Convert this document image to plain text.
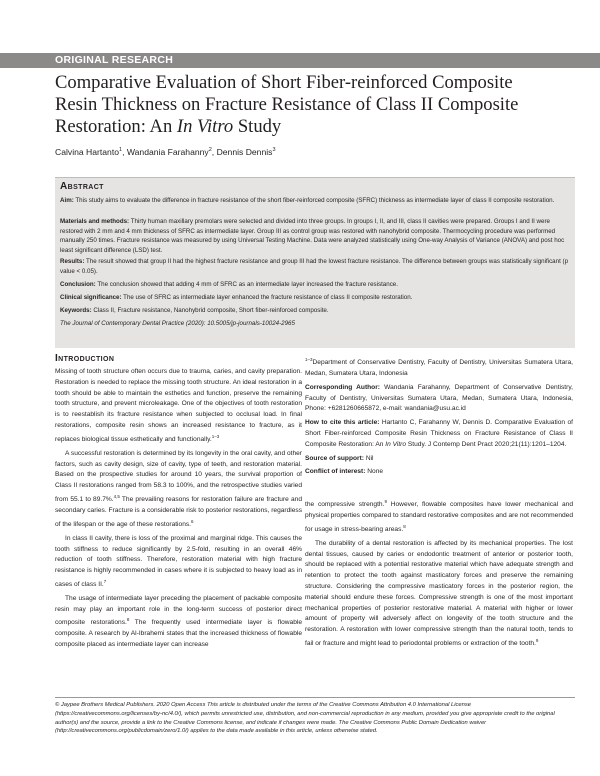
ORIGINAL RESEARCH
Comparative Evaluation of Short Fiber-reinforced Composite
Resin Thickness on Fracture Resistance of Class II Composite
Restoration: An In Vitro Study
Calvina Hartanto$^1$, Wandania Farahanny$^2$, Dennis Dennis$^3$
Abstract

Aim: This study aims to evaluate the difference in fracture resistance of the short fiber-reinforced composite (SFRC) thickness as intermediate layer of class II composite restoration.

Materials and methods: Thirty human maxillary premolars were selected and divided into three groups. In groups I, II, and III, class II cavities were prepared. Groups I and II were restored with 2 mm and 4 mm thickness of SFRC as intermediate layer. Group III as control group was restored with nanohybrid composite. Thermocycling procedure was performed manually 250 times. Fracture resistance was measured by using Universal Testing Machine. Data were analyzed statistically using One-way Analysis of Variance (ANOVA) and post hoc least significant difference (LSD) test.

Results: The result showed that group II had the highest fracture resistance and group III had the lowest fracture resistance. The difference between groups was statistically significant (p value < 0.05).

Conclusion: The conclusion showed that adding 4 mm of SFRC as an intermediate layer increased the fracture resistance.

Clinical significance: The use of SFRC as intermediate layer enhanced the fracture resistance of class II composite restoration.

Keywords: Class II, Fracture resistance, Nanohybrid composite, Short fiber-reinforced composite.

The Journal of Contemporary Dental Practice (2020): 10.5005/jp-journals-10024-2965

Introduction

Missing of tooth structure often occurs due to trauma, caries, and cavity preparation. Restoration is needed to replace the missing tooth structure. An ideal restoration in a tooth should be able to maintain the esthetics and function, preserve the remaining tooth structure, and prevent microleakage. One of the objectives of tooth restoration is to reestablish its fracture resistance when subjected to occlusal load. In final restorations, composite resin shows an increased resistance to fracture, as it replaces biological tissue esthetically and functionally.$^{1-3}$

A successful restoration is determined by its longevity in the oral cavity, and other factors, such as cavity design, size of cavity, type of teeth, and restoration material. Based on the prospective studies for around 10 years, the survival proportion of Class II restorations ranged from 58.3 to 100%, and the retrospective studies varied from 55.1 to 89.7%.$^{4,5}$ The prevailing reasons for restoration failure are fracture and secondary caries. Fracture is a considerable risk to posterior restorations, regardless of the lifespan or the age of these restorations.$^6$

In class II cavity, there is loss of the proximal and marginal ridge. This causes the tooth stiffness to reduce significantly by 2.5-fold, resulting in an overall 46% reduction of tooth stiffness. Therefore, restoration material with high fracture resistance is highly recommended in cases where it is subjected to heavy load as in cases of class II.$^7$

The usage of intermediate layer preceding the placement of packable composite resin may play an important role in the long-term success of posterior direct composite restorations.$^8$ The frequently used intermediate layer is flowable composite. A research by Al-Ibrahemi states that the increased thickness of flowable composite placed as intermediate layer can increase

$^{1-3}$Department of Conservative Dentistry, Faculty of Dentistry, Universitas Sumatera Utara, Medan, Sumatera Utara, Indonesia

Corresponding Author: Wandania Farahanny, Department of Conservative Dentistry, Faculty of Dentistry, Universitas Sumatera Utara, Medan, Sumatera Utara, Indonesia, Phone: +6281260665872, e-mail: wandania@usu.ac.id

How to cite this article: Hartanto C, Farahanny W, Dennis D. Comparative Evaluation of Short Fiber-reinforced Composite Resin Thickness on Fracture Resistance of Class II Composite Restoration: An In Vitro Study. J Contemp Dent Pract 2020;21(11):1201–1204.

Source of support: Nil

Conflict of interest: None

the compressive strength.$^9$ However, flowable composites have lower mechanical and physical properties compared to standard restorative composites and are not recommended for usage in stress-bearing areas.$^8$

The durability of a dental restoration is affected by its mechanical properties. The lost dental tissues, caused by caries or endodontic treatment of anterior or posterior tooth, should be replaced with a potential restorative material which have adequate strength and retention to protect the tooth against masticatory forces and preserve the remaining structure. Considering the compressive masticatory forces in the posterior region, the material should endure these forces. Compressive strength is one of the most important mechanical properties of posterior restorative material. A material with higher or lower amount of property will adversely affect on longevity of the tooth structure and the restoration. A restoration with lower compressive strength than the natural tooth, tends to fail or fracture and might lead to periodontal problems or extraction of the tooth.$^9$

© Jaypee Brothers Medical Publishers. 2020 Open Access This article is distributed under the terms of the Creative Commons Attribution 4.0 International License (https://creativecommons.org/licenses/by-nc/4.0/), which permits unrestricted use, distribution, and non-commercial reproduction in any medium, provided you give appropriate credit to the original author(s) and the source, provide a link to the Creative Commons license, and indicate if changes were made. The Creative Commons Public Domain Dedication waiver (http://creativecommons.org/publicdomain/zero/1.0/) applies to the data made available in this article, unless otherwise stated.
